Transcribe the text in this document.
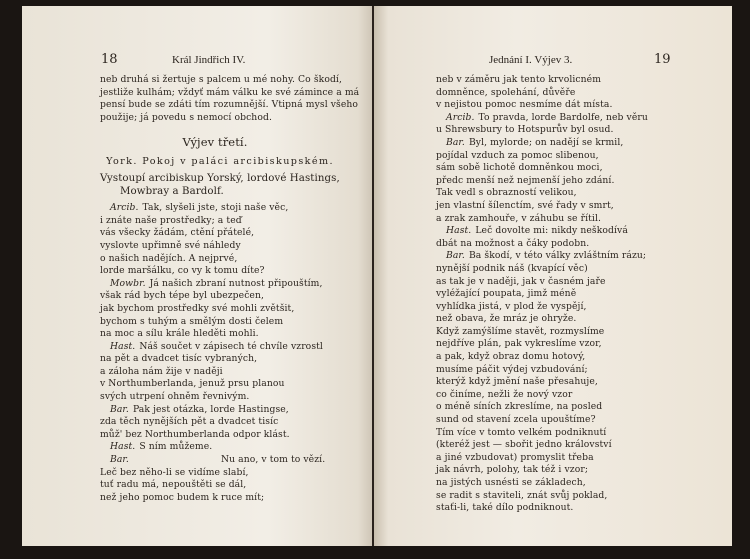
18	Král Jindřich IV.
neb druhá si žertuje s palcem u mé nohy. Co škodí,
jestliže kulhám; vždyť mám válku ke své zámince a má
pensí bude se zdáti tím rozumnější. Vtipná mysl všeho
použije; já povedu s nemocí obchod.
Výjev třetí.
York. Pokoj v paláci arcibiskupském.
Vystoupí arcibiskup Yorský, lordové Hastings,
Mowbray a Bardolf.
Arcib. Tak, slyšeli jste, stoji naše věc,
i znáte naše prostředky; a teď
vás všecky žádám, ctění přátelé,
vyslovte upřimně své náhledy
o našich nadějích. A nejprvé,
lorde maršálku, co vy k tomu díte?
Mowbr. Já našich zbraní nutnost připouštím,
však rád bych tépe byl ubezpečen,
jak bychom prostředky své mohli zvětšit,
bychom s tuhým a smělým dosti čelem
na moc a sílu krále hleděti mohli.
Hast. Náš součet v zápisech té chvíle vzrostl
na pět a dvadcet tisíc vybraných,
a záloha nám žije v naději
v Northumberlanda, jenuž prsu planou
svých utrpení ohněm řevnivým.
Bar. Pak jest otázka, lorde Hastingse,
zda těch nynějších pět a dvadcet tisíc
můž' bez Northumberlanda odpor klást.
Hast. S ním můžeme.
Bar.	Nu ano, v tom to vězí.
Leč bez něho-li se vidíme slabí,
tuť radu má, nepouštěti se dál,
než jeho pomoc budem k ruce mít;
Jednání I. Výjev 3.	19
neb v záměru jak tento krvolicném
domněnce, spolehání, důvěře
v nejistou pomoc nesmíme dát místa.
Arcib. To pravda, lorde Bardolfe, neb věru
u Shrewsbury to Hotspurův byl osud.
Bar. Byl, mylorde; on nadějí se krmil,
pojídal vzduch za pomoc slibenou,
sám sobě lichotě domněnkou moci,
předc menší než nejmenší jeho zdání.
Tak vedl s obrazností velikou,
jen vlastní šílenctím, své řady v smrt,
a zrak zamhouře, v záhubu se řítil.
Hast. Leč dovolte mi: nikdy neškodívá
dbát na možnost a čáky podobn.
Bar. Ba škodí, v této války zvláštním rázu;
nynější podnik náš (kvapící věc)
as tak je v naději, jak v časném jaře
vyléžající poupata, jimž méně
vyhlídka jistá, v plod že vyspějí,
než obava, že mráz je ohryže.
Když zamýšlíme stavět, rozmyslíme
nejdříve plán, pak vykreslíme vzor,
a pak, když obraz domu hotový,
musíme páčit výdej vzbudování;
kterýž když jmění naše přesahuje,
co činíme, nežli že nový vzor
o méně síních zkreslíme, na posled
sund od stavení zcela upouštíme?
Tím více v tomto velkém podniknutí
(kteréž jest — sbořit jedno království
a jiné vzbudovat) promyslit třeba
jak návrh, polohy, tak též i vzor;
na jistých usnésti se základech,
se radit s staviteli, znát svůj poklad,
staťi-li, také dílo podniknout.
